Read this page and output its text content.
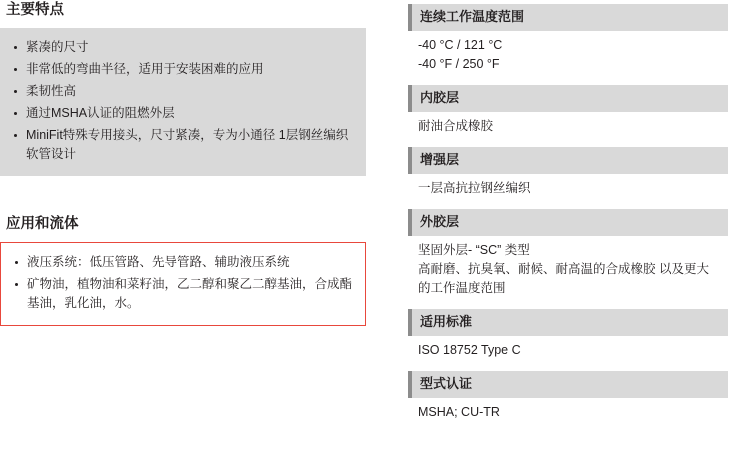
主要特点
紧凑的尺寸
非常低的弯曲半径，适用于安装困难的应用
柔韧性高
通过MSHA认证的阻燃外层
MiniFit特殊专用接头，尺寸紧凑，专为小通径 1层钢丝编织软管设计
应用和流体
液压系统：低压管路、先导管路、辅助液压系统
矿物油，植物油和菜籽油，乙二醇和聚乙二醇基油，合成酯基油，乳化油，水。
连续工作温度范围
-40 °C / 121 °C
-40 °F / 250 °F
内胶层
耐油合成橡胶
增强层
一层高抗拉钢丝编织
外胶层
坚固外层- “SC” 类型
高耐磨、抗臭氧、耐候、耐高温的合成橡胶 以及更大的工作温度范围
适用标准
ISO 18752 Type C
型式认证
MSHA; CU-TR
